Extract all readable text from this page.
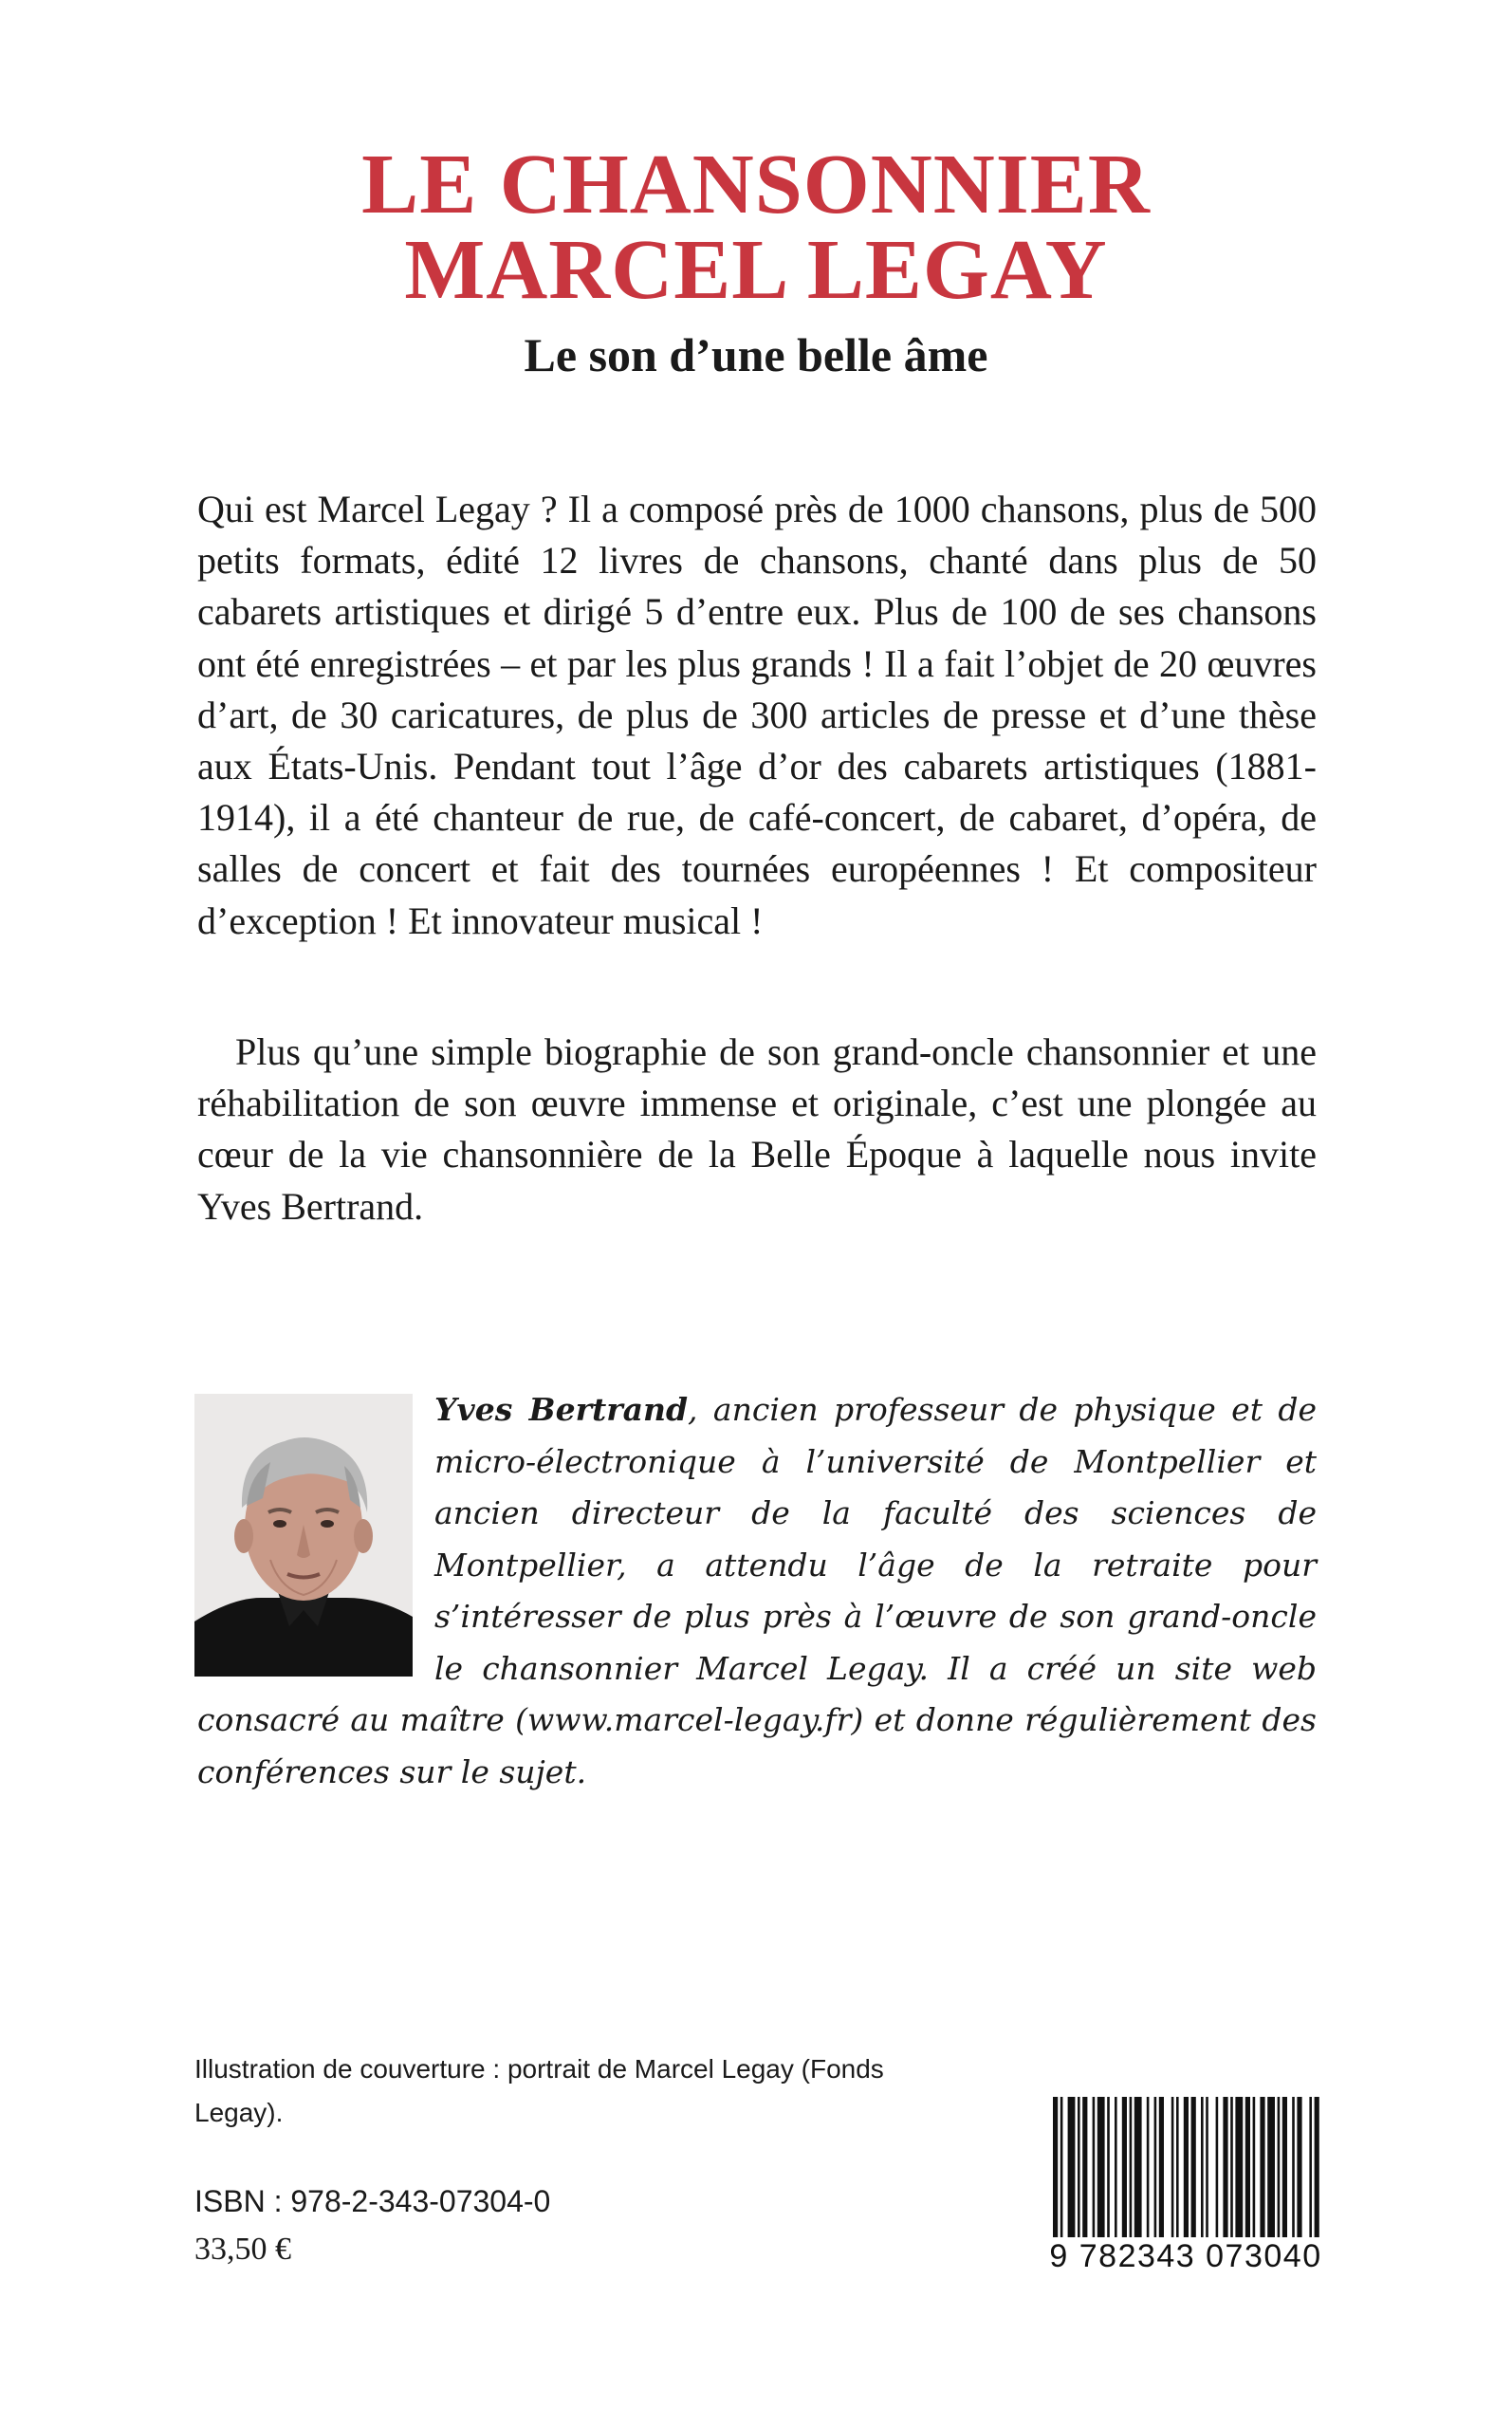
LE CHANSONNIER
MARCEL LEGAY
Le son d’une belle âme

Qui est Marcel Legay ? Il a composé près de 1000 chansons, plus de 500 petits formats, édité 12 livres de chansons, chanté dans plus de 50 cabarets artistiques et dirigé 5 d’entre eux. Plus de 100 de ses chansons ont été enregistrées – et par les plus grands ! Il a fait l’objet de 20 œuvres d’art, de 30 caricatures, de plus de 300 articles de presse et d’une thèse aux États-Unis. Pendant tout l’âge d’or des cabarets artistiques (1881-1914), il a été chanteur de rue, de café-concert, de cabaret, d’opéra, de salles de concert et fait des tournées européennes ! Et compositeur d’exception ! Et innovateur musical !

Plus qu’une simple biographie de son grand-oncle chansonnier et une réhabilitation de son œuvre immense et originale, c’est une plongée au cœur de la vie chansonnière de la Belle Époque à laquelle nous invite Yves Bertrand.

Yves Bertrand, ancien professeur de physique et de micro-électronique à l’université de Montpellier et ancien directeur de la faculté des sciences de Montpellier, a attendu l’âge de la retraite pour s’intéresser de plus près à l’œuvre de son grand-oncle le chansonnier Marcel Legay. Il a créé un site web consacré au maître (www.marcel-legay.fr) et donne régulièrement des conférences sur le sujet.

Illustration de couverture : portrait de Marcel Legay (Fonds Legay).

ISBN : 978-2-343-07304-0

33,50 €	9 782343 073040
